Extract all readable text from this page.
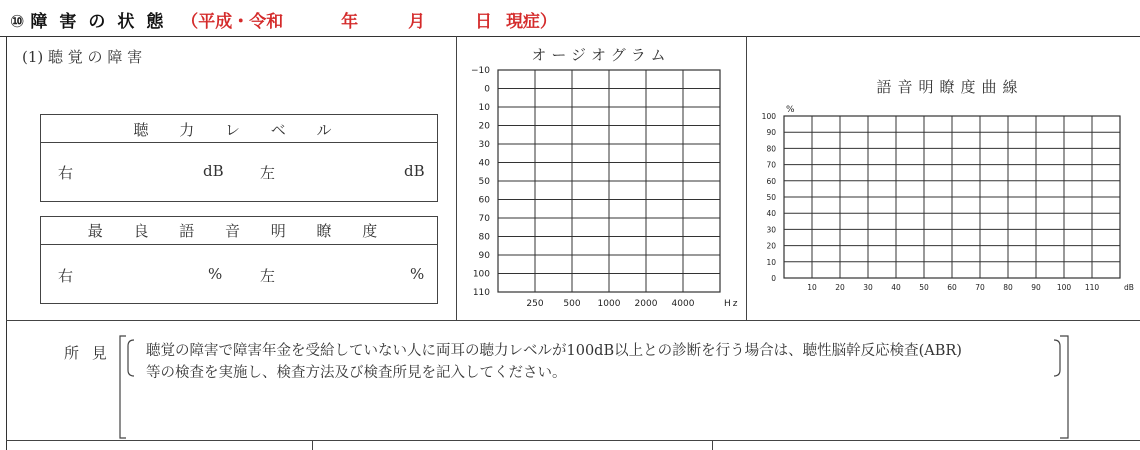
⑩ 障害の状態 （平成・令和	年	月	日 現症）
(1) 聴 覚 の 障 害
聴 力 レ ベ ル
右	dB 左	dB
最 良 語 音 明 瞭 度
右	%	左	%
オージオグラム
−10
0
10
20
30
40
50
60
70
80
90
100
110
250 500 1000 2000 4000	Hz
語音明瞭度曲線
100
90
80
70
60
50
40
30
20
10
0
%
10 20 30 40 50 60 70 80 90 100 110	dB
所 見 聴覚の障害で障害年金を受給していない人に両耳の聴力レベルが100dB以上との診断を行う場合は、聴性脳幹反応検査(ABR)
等の検査を実施し、検査方法及び検査所見を記入してください。
